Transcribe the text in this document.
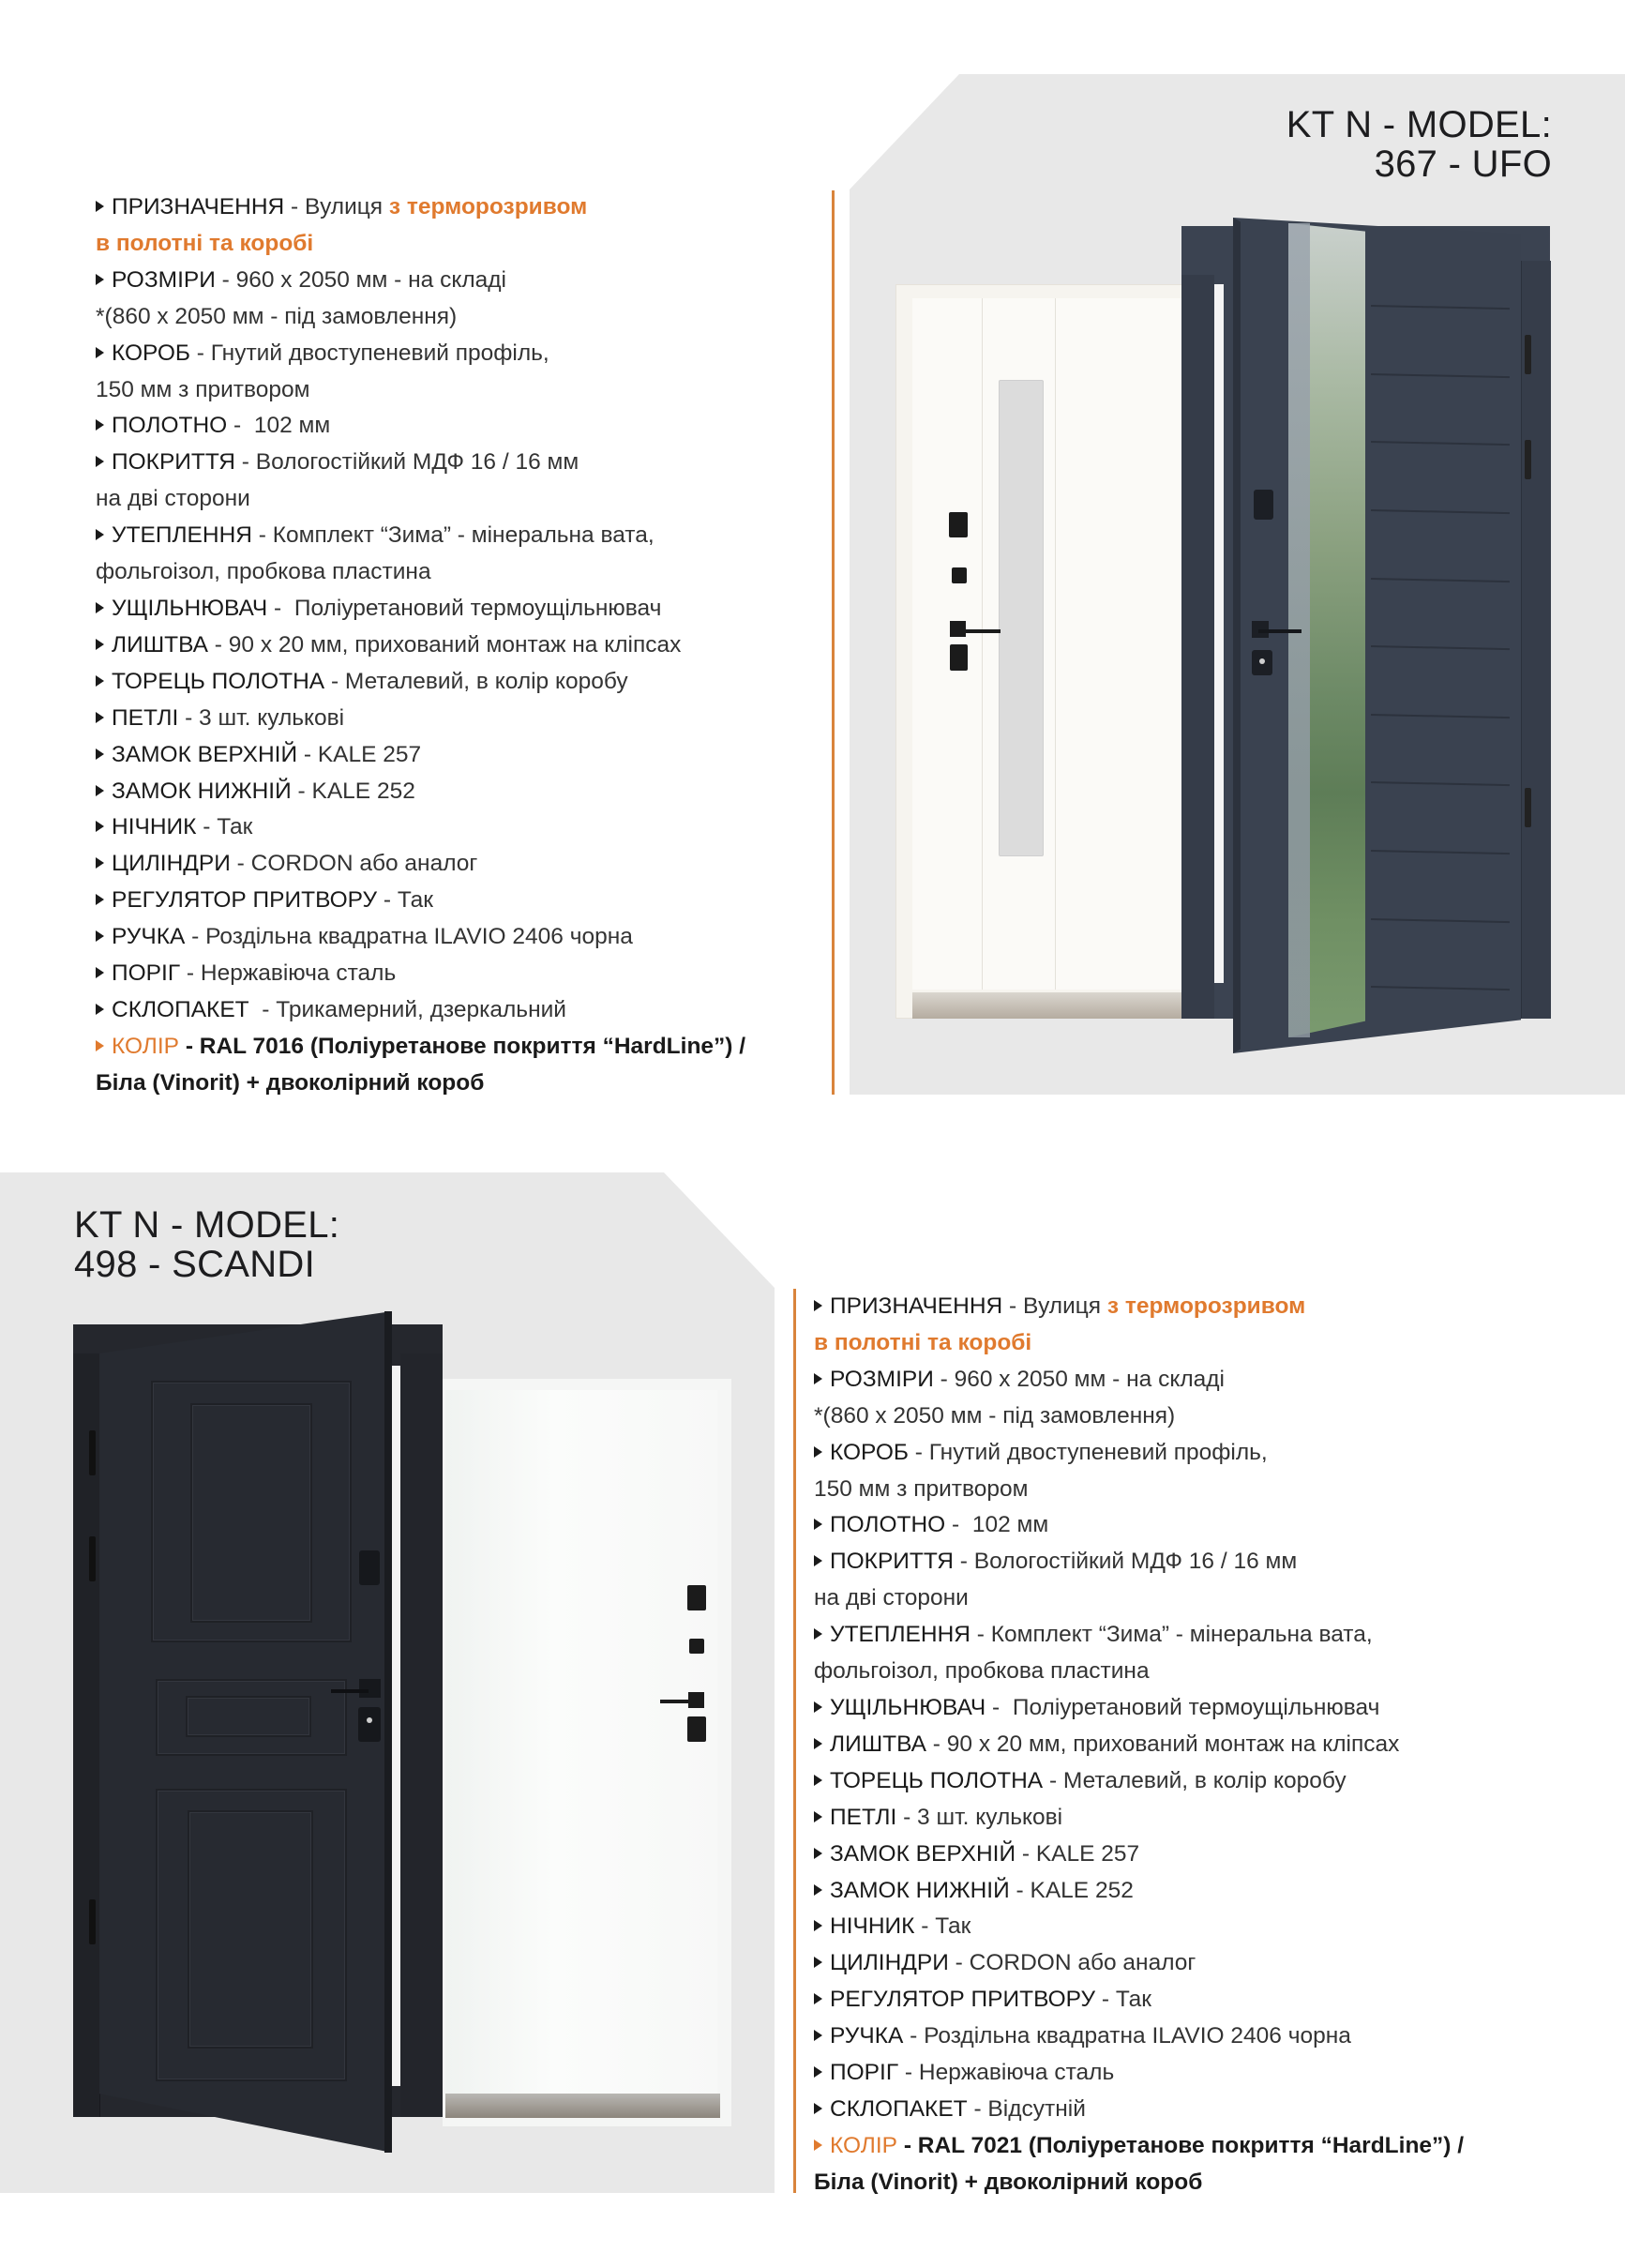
KT N - MODEL:
367 - UFO
ПРИЗНАЧЕННЯ - Вулиця з терморозривом
в полотні та коробі
РОЗМІРИ - 960 x 2050 мм - на складі
*(860 x 2050 мм - під замовлення)
КОРОБ - Гнутий двоступеневий профіль,
150 мм з притвором
ПОЛОТНО -  102 мм
ПОКРИТТЯ - Вологостійкий МДФ 16 / 16 мм
на дві сторони
УТЕПЛЕННЯ - Комплект “Зима” - мінеральна вата,
фольгоізол, пробкова пластина
УЩІЛЬНЮВАЧ -  Поліуретановий термоущільнювач
ЛИШТВА - 90 x 20 мм, прихований монтаж на кліпсах
ТОРЕЦЬ ПОЛОТНА - Металевий, в колір коробу
ПЕТЛІ - 3 шт. кулькові
ЗАМОК ВЕРХНІЙ - KALE 257
ЗАМОК НИЖНІЙ - KALE 252
НІЧНИК - Так
ЦИЛІНДРИ - CORDON або аналог
РЕГУЛЯТОР ПРИТВОРУ - Так
РУЧКА - Роздільна квадратна ILAVIO 2406 чорна
ПОРІГ - Нержавіюча сталь
СКЛОПАКЕТ  - Трикамерний, дзеркальний
КОЛІР - RAL 7016 (Поліуретанове покриття “HardLine”) /
Біла (Vinorit) + двоколірний короб
KT N - MODEL:
498 - SCANDI
ПРИЗНАЧЕННЯ - Вулиця з терморозривом
в полотні та коробі
РОЗМІРИ - 960 x 2050 мм - на складі
*(860 x 2050 мм - під замовлення)
КОРОБ - Гнутий двоступеневий профіль,
150 мм з притвором
ПОЛОТНО -  102 мм
ПОКРИТТЯ - Вологостійкий МДФ 16 / 16 мм
на дві сторони
УТЕПЛЕННЯ - Комплект “Зима” - мінеральна вата,
фольгоізол, пробкова пластина
УЩІЛЬНЮВАЧ -  Поліуретановий термоущільнювач
ЛИШТВА - 90 x 20 мм, прихований монтаж на кліпсах
ТОРЕЦЬ ПОЛОТНА - Металевий, в колір коробу
ПЕТЛІ - 3 шт. кулькові
ЗАМОК ВЕРХНІЙ - KALE 257
ЗАМОК НИЖНІЙ - KALE 252
НІЧНИК - Так
ЦИЛІНДРИ - CORDON або аналог
РЕГУЛЯТОР ПРИТВОРУ - Так
РУЧКА - Роздільна квадратна ILAVIO 2406 чорна
ПОРІГ - Нержавіюча сталь
СКЛОПАКЕТ - Відсутній
КОЛІР - RAL 7021 (Поліуретанове покриття “HardLine”) /
Біла (Vinorit) + двоколірний короб
